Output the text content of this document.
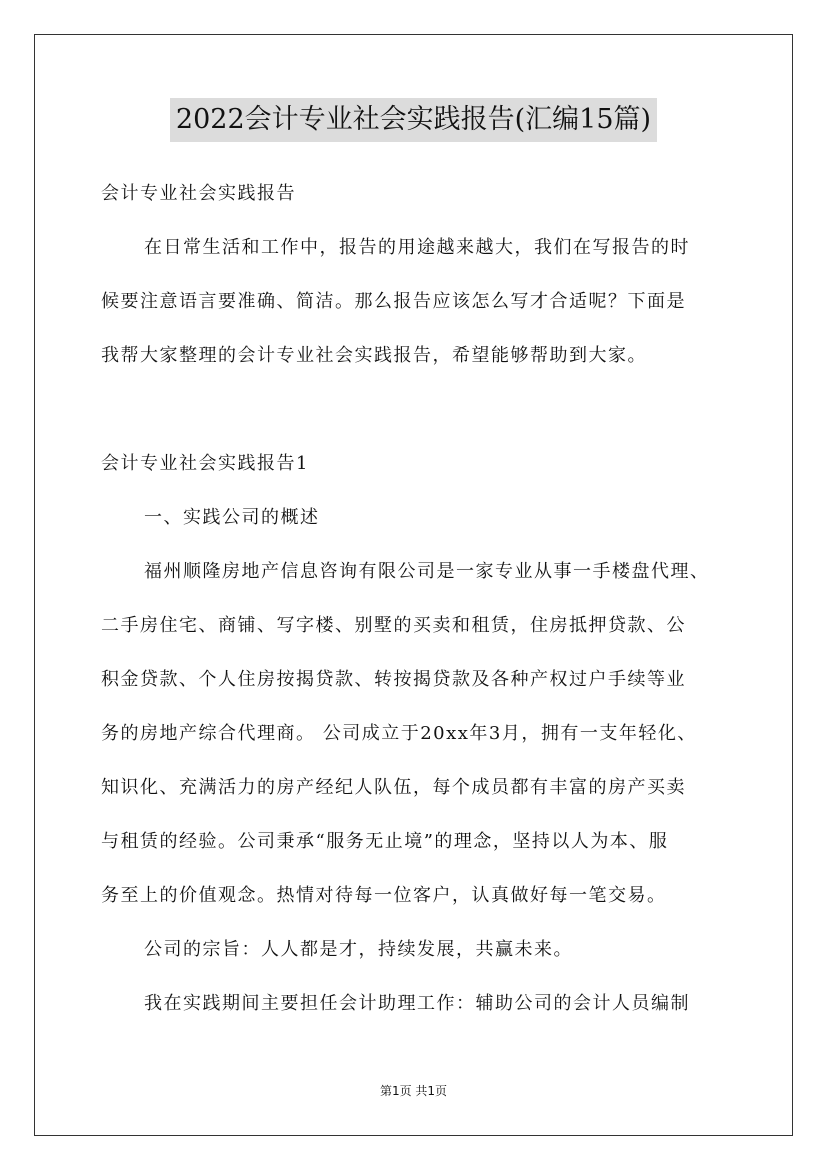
2022会计专业社会实践报告(汇编15篇)
会计专业社会实践报告
在日常生活和工作中，报告的用途越来越大，我们在写报告的时
候要注意语言要准确、简洁。那么报告应该怎么写才合适呢？下面是
我帮大家整理的会计专业社会实践报告，希望能够帮助到大家。
会计专业社会实践报告1
一、实践公司的概述
福州顺隆房地产信息咨询有限公司是一家专业从事一手楼盘代理、
二手房住宅、商铺、写字楼、别墅的买卖和租赁，住房抵押贷款、公
积金贷款、个人住房按揭贷款、转按揭贷款及各种产权过户手续等业
务的房地产综合代理商。 公司成立于20xx年3月，拥有一支年轻化、
知识化、充满活力的房产经纪人队伍，每个成员都有丰富的房产买卖
与租赁的经验。公司秉承“服务无止境”的理念，坚持以人为本、服
务至上的价值观念。热情对待每一位客户，认真做好每一笔交易。
公司的宗旨：人人都是才，持续发展，共赢未来。
我在实践期间主要担任会计助理工作：辅助公司的会计人员编制
第1页 共1页
